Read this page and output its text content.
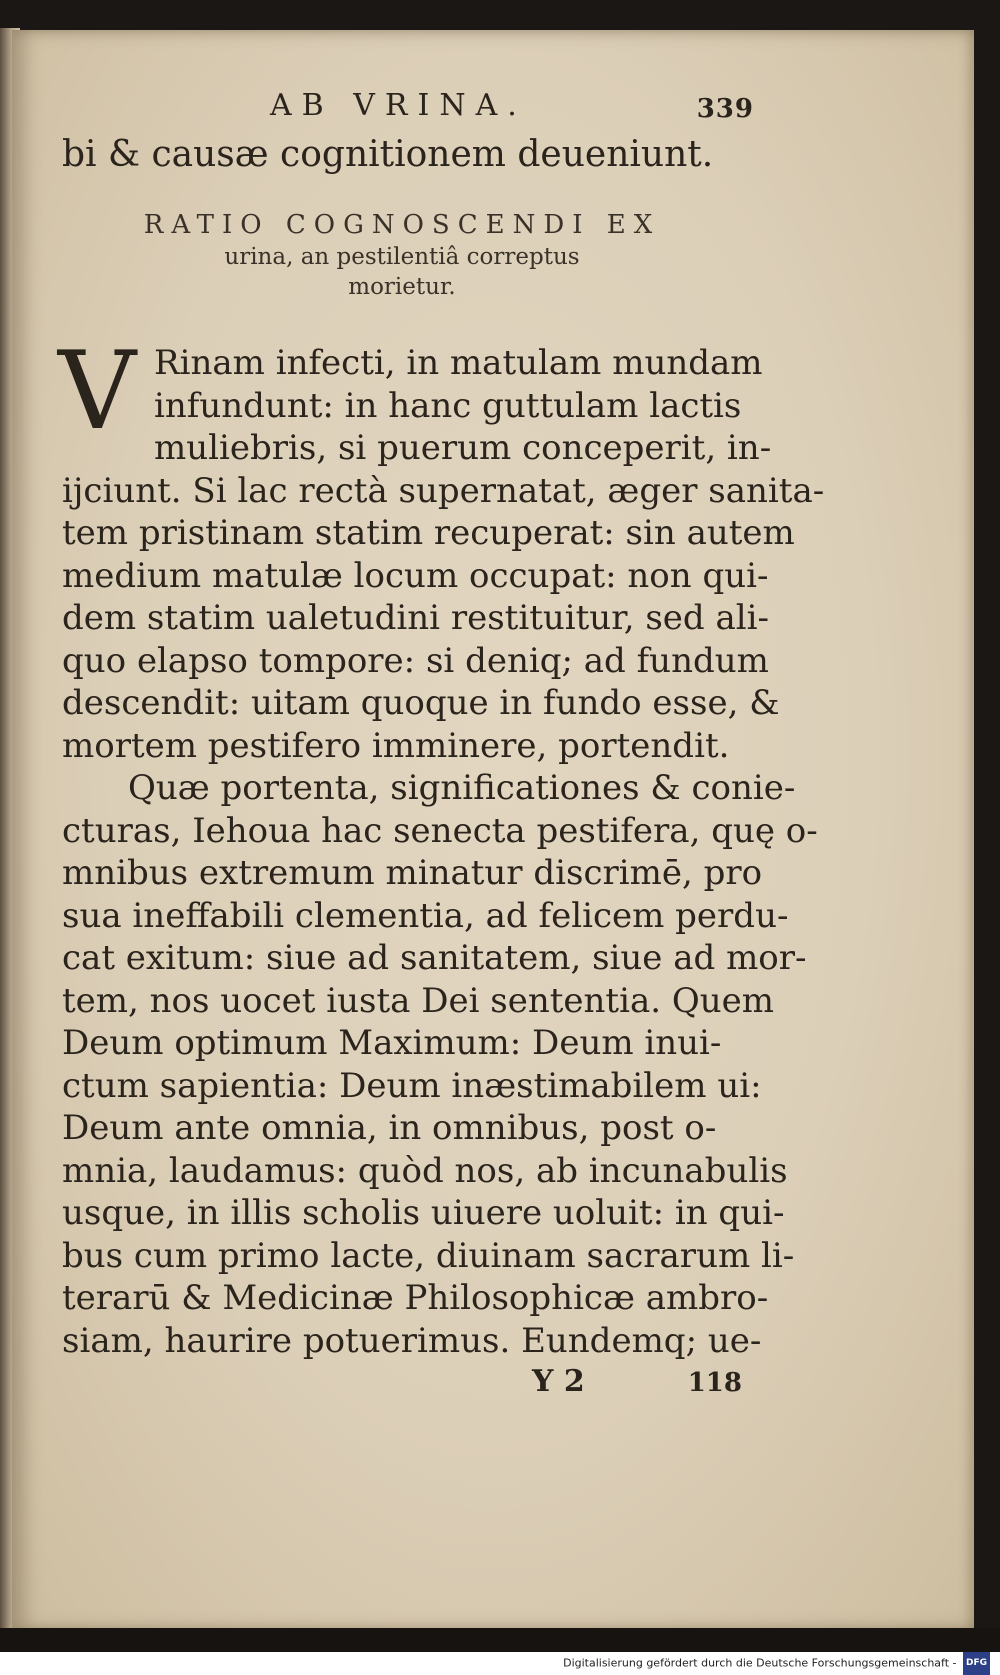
AB VRINA.	339
bi & causæ cognitionem deueniunt.
RATIO COGNOSCENDI EX
urina, an pestilentiâ correptus
morietur.
V Rinam infecti, in matulam mundam
infundunt: in hanc guttulam lactis
muliebris, si puerum conceperit, in-
ijciunt. Si lac rectà supernatat, æger sanita-
tem pristinam statim recuperat: sin autem
medium matulæ locum occupat: non qui-
dem statim ualetudini restituitur, sed ali-
quo elapso tompore: si deniq; ad fundum
descendit: uitam quoque in fundo esse, &
mortem pestifero imminere, portendit.
Quæ portenta, significationes & conie-
cturas, Iehoua hac senecta pestifera, quę o-
mnibus extremum minatur discrimē, pro
sua ineffabili clementia, ad felicem perdu-
cat exitum: siue ad sanitatem, siue ad mor-
tem, nos uocet iusta Dei sententia. Quem
Deum optimum Maximum: Deum inui-
ctum sapientia: Deum inæstimabilem ui:
Deum ante omnia, in omnibus, post o-
mnia, laudamus: quòd nos, ab incunabulis
usque, in illis scholis uiuere uoluit: in qui-
bus cum primo lacte, diuinam sacrarum li-
terarū & Medicinæ Philosophicæ ambro-
siam, haurire potuerimus. Eundemq; ue-
Y 2	118
Digitalisierung gefördert durch die Deutsche Forschungsgemeinschaft - DFG
